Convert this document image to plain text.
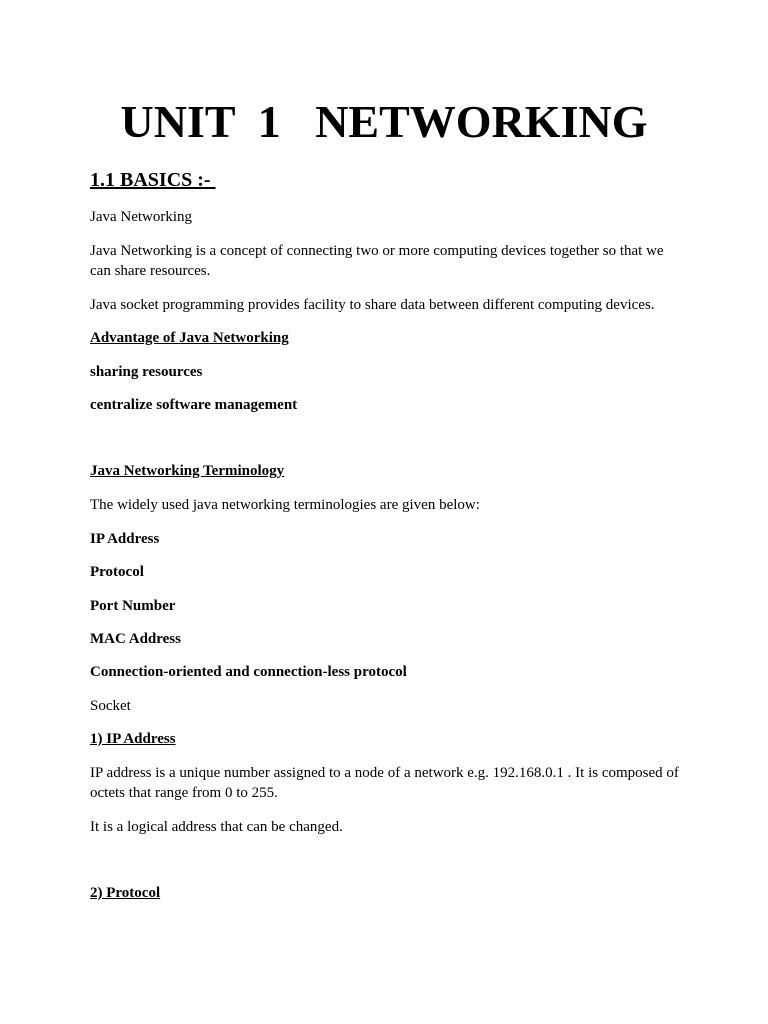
UNIT  1   NETWORKING
1.1 BASICS :-

Java Networking

Java Networking is a concept of connecting two or more computing devices together so that we can share resources.

Java socket programming provides facility to share data between different computing devices.

Advantage of Java Networking

sharing resources

centralize software management

Java Networking Terminology

The widely used java networking terminologies are given below:

IP Address

Protocol

Port Number

MAC Address

Connection-oriented and connection-less protocol

Socket

1) IP Address

IP address is a unique number assigned to a node of a network e.g. 192.168.0.1 . It is composed of octets that range from 0 to 255.

It is a logical address that can be changed.

2) Protocol
